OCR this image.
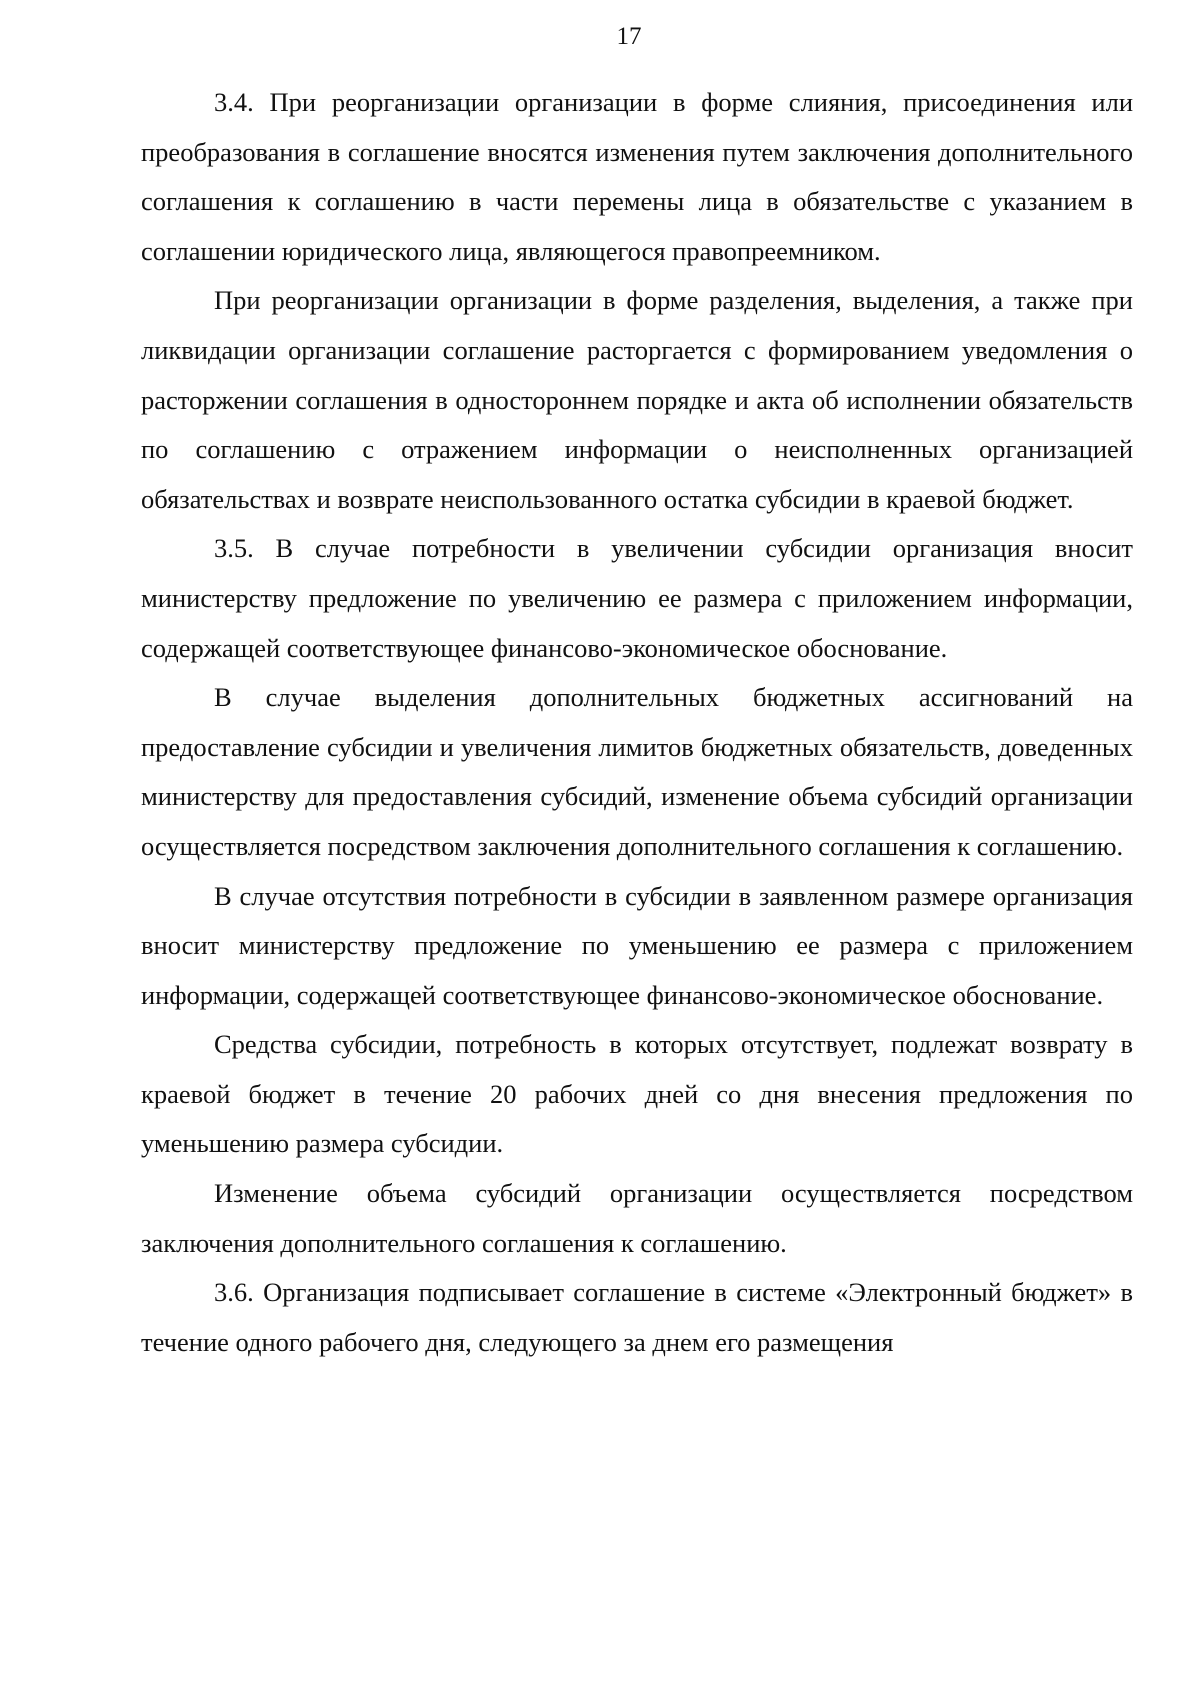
17

3.4. При реорганизации организации в форме слияния, присоединения или преобразования в соглашение вносятся изменения путем заключения дополнительного соглашения к соглашению в части перемены лица в обязательстве с указанием в соглашении юридического лица, являющегося правопреемником.

При реорганизации организации в форме разделения, выделения, а также при ликвидации организации соглашение расторгается с формированием уведомления о расторжении соглашения в одностороннем порядке и акта об исполнении обязательств по соглашению с отражением информации о неисполненных организацией обязательствах и возврате неиспользованного остатка субсидии в краевой бюджет.

3.5. В случае потребности в увеличении субсидии организация вносит министерству предложение по увеличению ее размера с приложением информации, содержащей соответствующее финансово-экономическое обоснование.

В случае выделения дополнительных бюджетных ассигнований на предоставление субсидии и увеличения лимитов бюджетных обязательств, доведенных министерству для предоставления субсидий, изменение объема субсидий организации осуществляется посредством заключения дополнительного соглашения к соглашению.

В случае отсутствия потребности в субсидии в заявленном размере организация вносит министерству предложение по уменьшению ее размера с приложением информации, содержащей соответствующее финансово-экономическое обоснование.

Средства субсидии, потребность в которых отсутствует, подлежат возврату в краевой бюджет в течение 20 рабочих дней со дня внесения предложения по уменьшению размера субсидии.

Изменение объема субсидий организации осуществляется посредством заключения дополнительного соглашения к соглашению.

3.6. Организация подписывает соглашение в системе «Электронный бюджет» в течение одного рабочего дня, следующего за днем его размещения
